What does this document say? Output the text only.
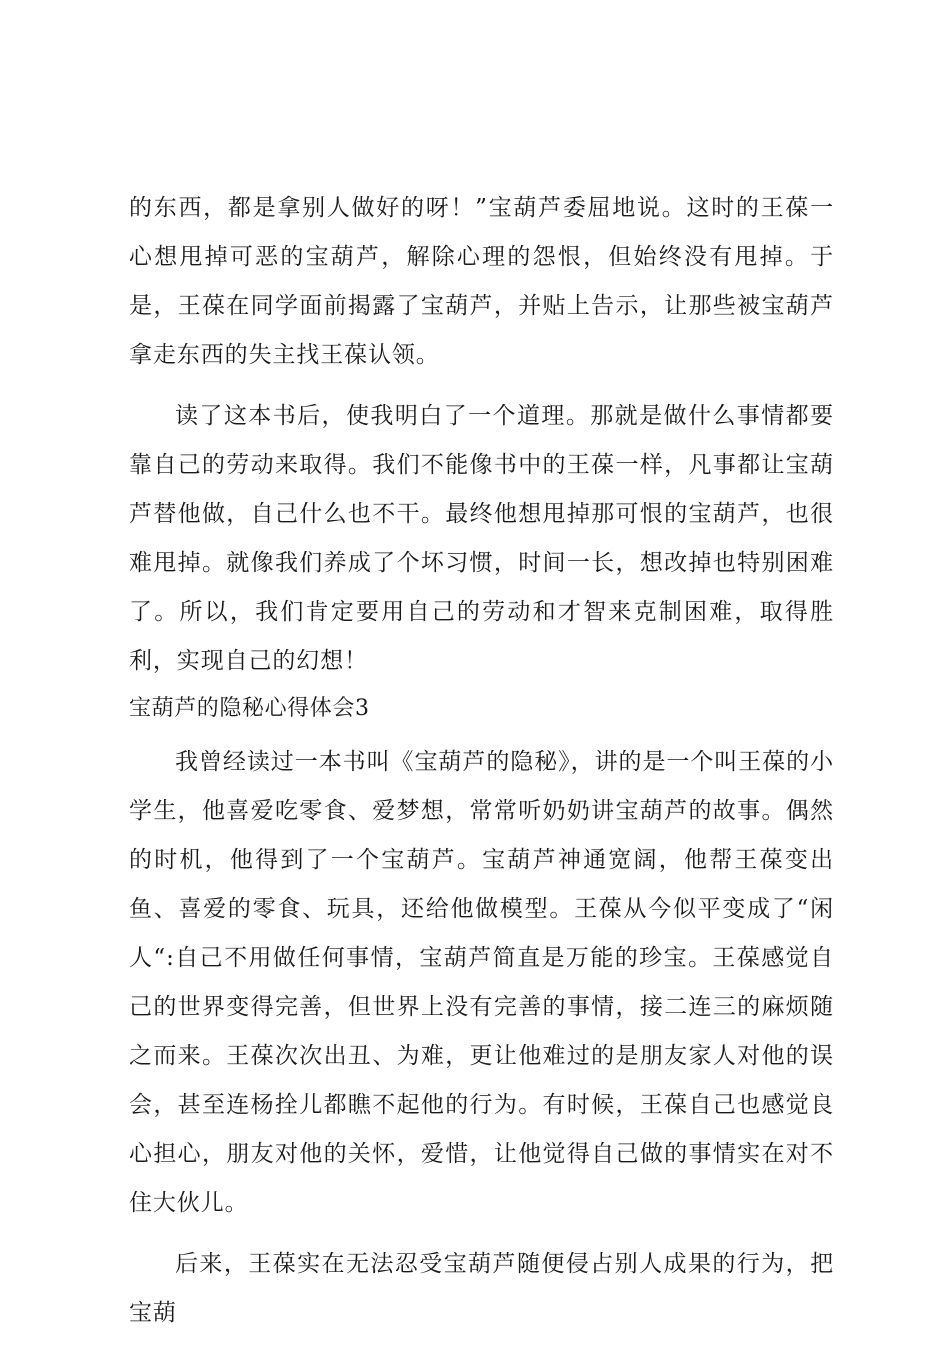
的东西，都是拿别人做好的呀！”宝葫芦委屈地说。这时的王葆一心想甩掉可恶的宝葫芦，解除心理的怨恨，但始终没有甩掉。于是，王葆在同学面前揭露了宝葫芦，并贴上告示，让那些被宝葫芦拿走东西的失主找王葆认领。

读了这本书后，使我明白了一个道理。那就是做什么事情都要靠自己的劳动来取得。我们不能像书中的王葆一样，凡事都让宝葫芦替他做，自己什么也不干。最终他想甩掉那可恨的宝葫芦，也很难甩掉。就像我们养成了个坏习惯，时间一长，想改掉也特别困难了。所以，我们肯定要用自己的劳动和才智来克制困难，取得胜利，实现自己的幻想！

宝葫芦的隐秘心得体会3

我曾经读过一本书叫《宝葫芦的隐秘》，讲的是一个叫王葆的小学生，他喜爱吃零食、爱梦想，常常听奶奶讲宝葫芦的故事。偶然的时机，他得到了一个宝葫芦。宝葫芦神通宽阔，他帮王葆变出鱼、喜爱的零食、玩具，还给他做模型。王葆从今似平变成了“闲人“:自己不用做任何事情，宝葫芦简直是万能的珍宝。王葆感觉自己的世界变得完善，但世界上没有完善的事情，接二连三的麻烦随之而来。王葆次次出丑、为难，更让他难过的是朋友家人对他的误会，甚至连杨拴儿都瞧不起他的行为。有时候，王葆自己也感觉良心担心，朋友对他的关怀，爱惜，让他觉得自己做的事情实在对不住大伙儿。

后来，王葆实在无法忍受宝葫芦随便侵占别人成果的行为，把宝葫
